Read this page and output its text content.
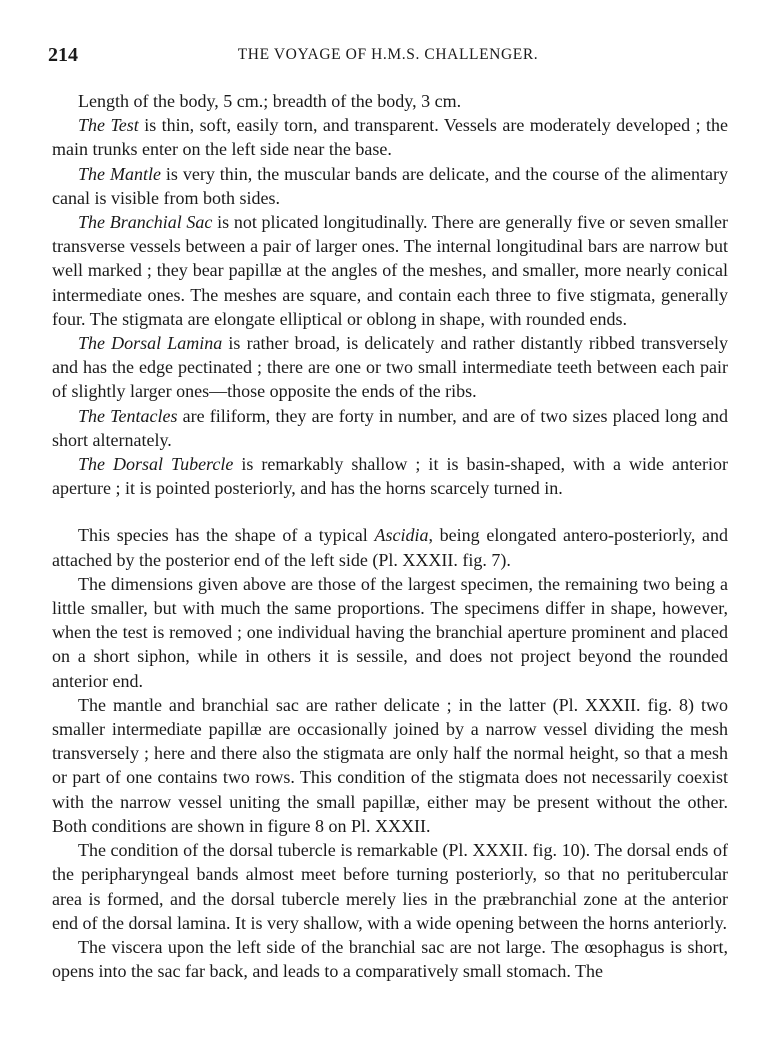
214	THE VOYAGE OF H.M.S. CHALLENGER.

Length of the body, 5 cm.; breadth of the body, 3 cm.

The Test is thin, soft, easily torn, and transparent. Vessels are moderately developed ; the main trunks enter on the left side near the base.

The Mantle is very thin, the muscular bands are delicate, and the course of the alimentary canal is visible from both sides.

The Branchial Sac is not plicated longitudinally. There are generally five or seven smaller transverse vessels between a pair of larger ones. The internal longitudinal bars are narrow but well marked ; they bear papillæ at the angles of the meshes, and smaller, more nearly conical intermediate ones. The meshes are square, and contain each three to five stigmata, generally four. The stigmata are elongate elliptical or oblong in shape, with rounded ends.

The Dorsal Lamina is rather broad, is delicately and rather distantly ribbed transversely and has the edge pectinated ; there are one or two small intermediate teeth between each pair of slightly larger ones—those opposite the ends of the ribs.

The Tentacles are filiform, they are forty in number, and are of two sizes placed long and short alternately.

The Dorsal Tubercle is remarkably shallow ; it is basin-shaped, with a wide anterior aperture ; it is pointed posteriorly, and has the horns scarcely turned in.

This species has the shape of a typical Ascidia, being elongated antero-posteriorly, and attached by the posterior end of the left side (Pl. XXXII. fig. 7).

The dimensions given above are those of the largest specimen, the remaining two being a little smaller, but with much the same proportions. The specimens differ in shape, however, when the test is removed ; one individual having the branchial aperture prominent and placed on a short siphon, while in others it is sessile, and does not project beyond the rounded anterior end.

The mantle and branchial sac are rather delicate ; in the latter (Pl. XXXII. fig. 8) two smaller intermediate papillæ are occasionally joined by a narrow vessel dividing the mesh transversely ; here and there also the stigmata are only half the normal height, so that a mesh or part of one contains two rows. This condition of the stigmata does not necessarily coexist with the narrow vessel uniting the small papillæ, either may be present without the other. Both conditions are shown in figure 8 on Pl. XXXII.

The condition of the dorsal tubercle is remarkable (Pl. XXXII. fig. 10). The dorsal ends of the peripharyngeal bands almost meet before turning posteriorly, so that no peritubercular area is formed, and the dorsal tubercle merely lies in the præbranchial zone at the anterior end of the dorsal lamina. It is very shallow, with a wide opening between the horns anteriorly.

The viscera upon the left side of the branchial sac are not large. The œsophagus is short, opens into the sac far back, and leads to a comparatively small stomach. The
